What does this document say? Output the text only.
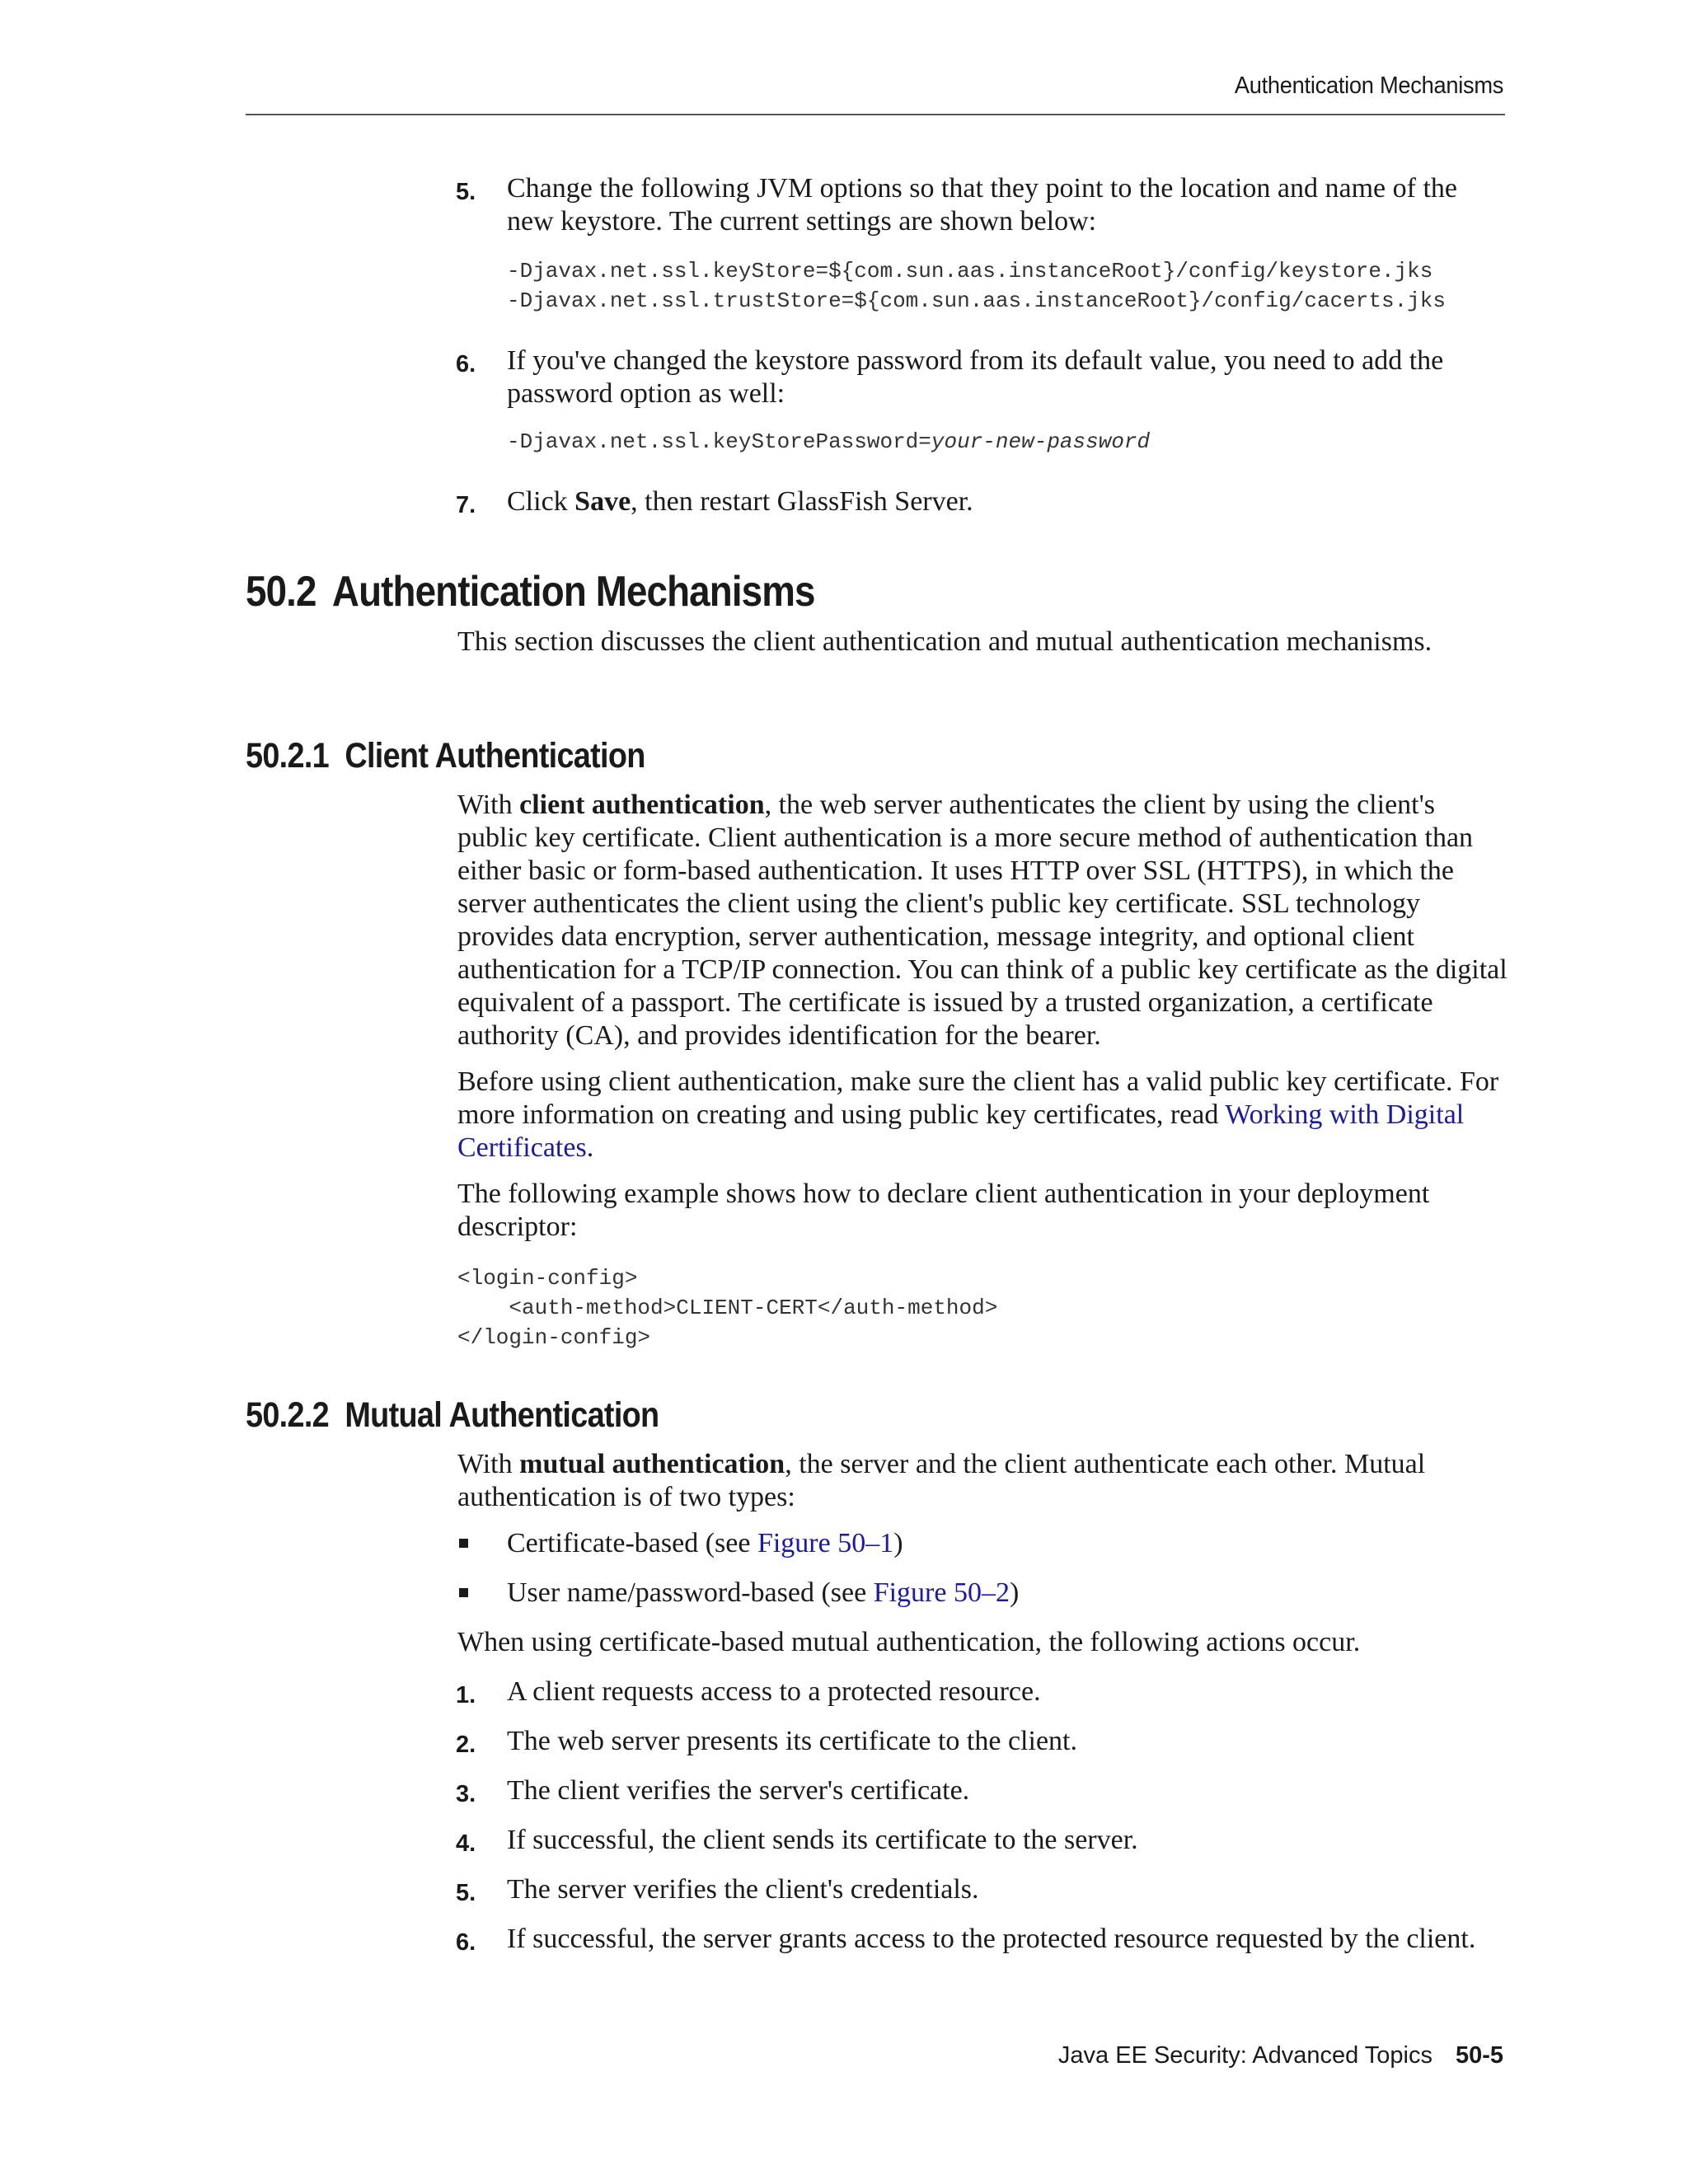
Authentication Mechanisms
5. Change the following JVM options so that they point to the location and name of the new keystore. The current settings are shown below:
-Djavax.net.ssl.keyStore=${com.sun.aas.instanceRoot}/config/keystore.jks
-Djavax.net.ssl.trustStore=${com.sun.aas.instanceRoot}/config/cacerts.jks
6. If you've changed the keystore password from its default value, you need to add the password option as well:
-Djavax.net.ssl.keyStorePassword=your-new-password
7. Click Save, then restart GlassFish Server.
50.2 Authentication Mechanisms

This section discusses the client authentication and mutual authentication mechanisms.

50.2.1 Client Authentication

With client authentication, the web server authenticates the client by using the client's public key certificate. Client authentication is a more secure method of authentication than either basic or form-based authentication. It uses HTTP over SSL (HTTPS), in which the server authenticates the client using the client's public key certificate. SSL technology provides data encryption, server authentication, message integrity, and optional client authentication for a TCP/IP connection. You can think of a public key certificate as the digital equivalent of a passport. The certificate is issued by a trusted organization, a certificate authority (CA), and provides identification for the bearer.

Before using client authentication, make sure the client has a valid public key certificate. For more information on creating and using public key certificates, read Working with Digital Certificates.

The following example shows how to declare client authentication in your deployment descriptor:

<login-config>
<auth-method>CLIENT-CERT</auth-method>
</login-config>
50.2.2 Mutual Authentication

With mutual authentication, the server and the client authenticate each other. Mutual authentication is of two types:

Certificate-based (see Figure 50–1)
User name/password-based (see Figure 50–2)

When using certificate-based mutual authentication, the following actions occur.

1. A client requests access to a protected resource.
2. The web server presents its certificate to the client.
3. The client verifies the server's certificate.
4. If successful, the client sends its certificate to the server.
5. The server verifies the client's credentials.
6. If successful, the server grants access to the protected resource requested by the client.
Java EE Security: Advanced Topics 50-5
